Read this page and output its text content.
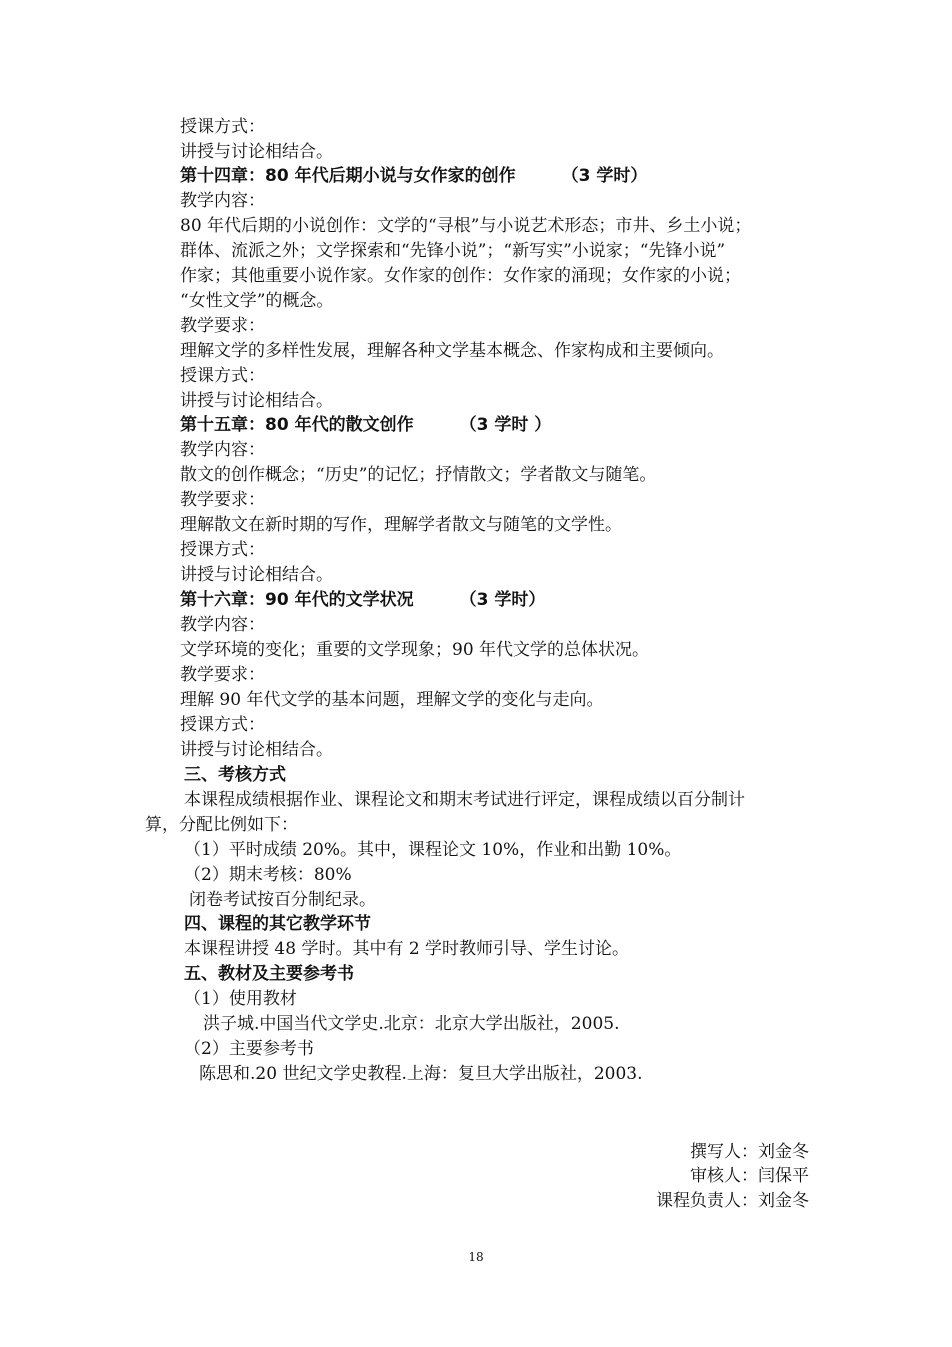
授课方式：
讲授与讨论相结合。
第十四章：80 年代后期小说与女作家的创作	（3 学时）
教学内容：
80 年代后期的小说创作：文学的“寻根”与小说艺术形态；市井、乡土小说；
群体、流派之外；文学探索和“先锋小说”；“新写实”小说家；“先锋小说”
作家；其他重要小说作家。女作家的创作：女作家的涌现；女作家的小说；
“女性文学”的概念。
教学要求：
理解文学的多样性发展，理解各种文学基本概念、作家构成和主要倾向。
授课方式：
讲授与讨论相结合。
第十五章：80 年代的散文创作	（3 学时 ）
教学内容：
散文的创作概念；“历史”的记忆；抒情散文；学者散文与随笔。
教学要求：
理解散文在新时期的写作，理解学者散文与随笔的文学性。
授课方式：
讲授与讨论相结合。
第十六章：90 年代的文学状况	（3 学时）
教学内容：
文学环境的变化；重要的文学现象；90 年代文学的总体状况。
教学要求：
理解 90 年代文学的基本问题，理解文学的变化与走向。
授课方式：
讲授与讨论相结合。
三、考核方式
本课程成绩根据作业、课程论文和期末考试进行评定，课程成绩以百分制计
算，分配比例如下：
（1）平时成绩 20%。其中，课程论文 10%，作业和出勤 10%。
（2）期末考核：80%
闭卷考试按百分制纪录。
四、课程的其它教学环节
本课程讲授 48 学时。其中有 2 学时教师引导、学生讨论。
五、教材及主要参考书
（1）使用教材
洪子城.中国当代文学史.北京：北京大学出版社，2005.
（2）主要参考书
陈思和.20 世纪文学史教程.上海：复旦大学出版社，2003.
撰写人：刘金冬
审核人：闫保平
课程负责人：刘金冬
18
